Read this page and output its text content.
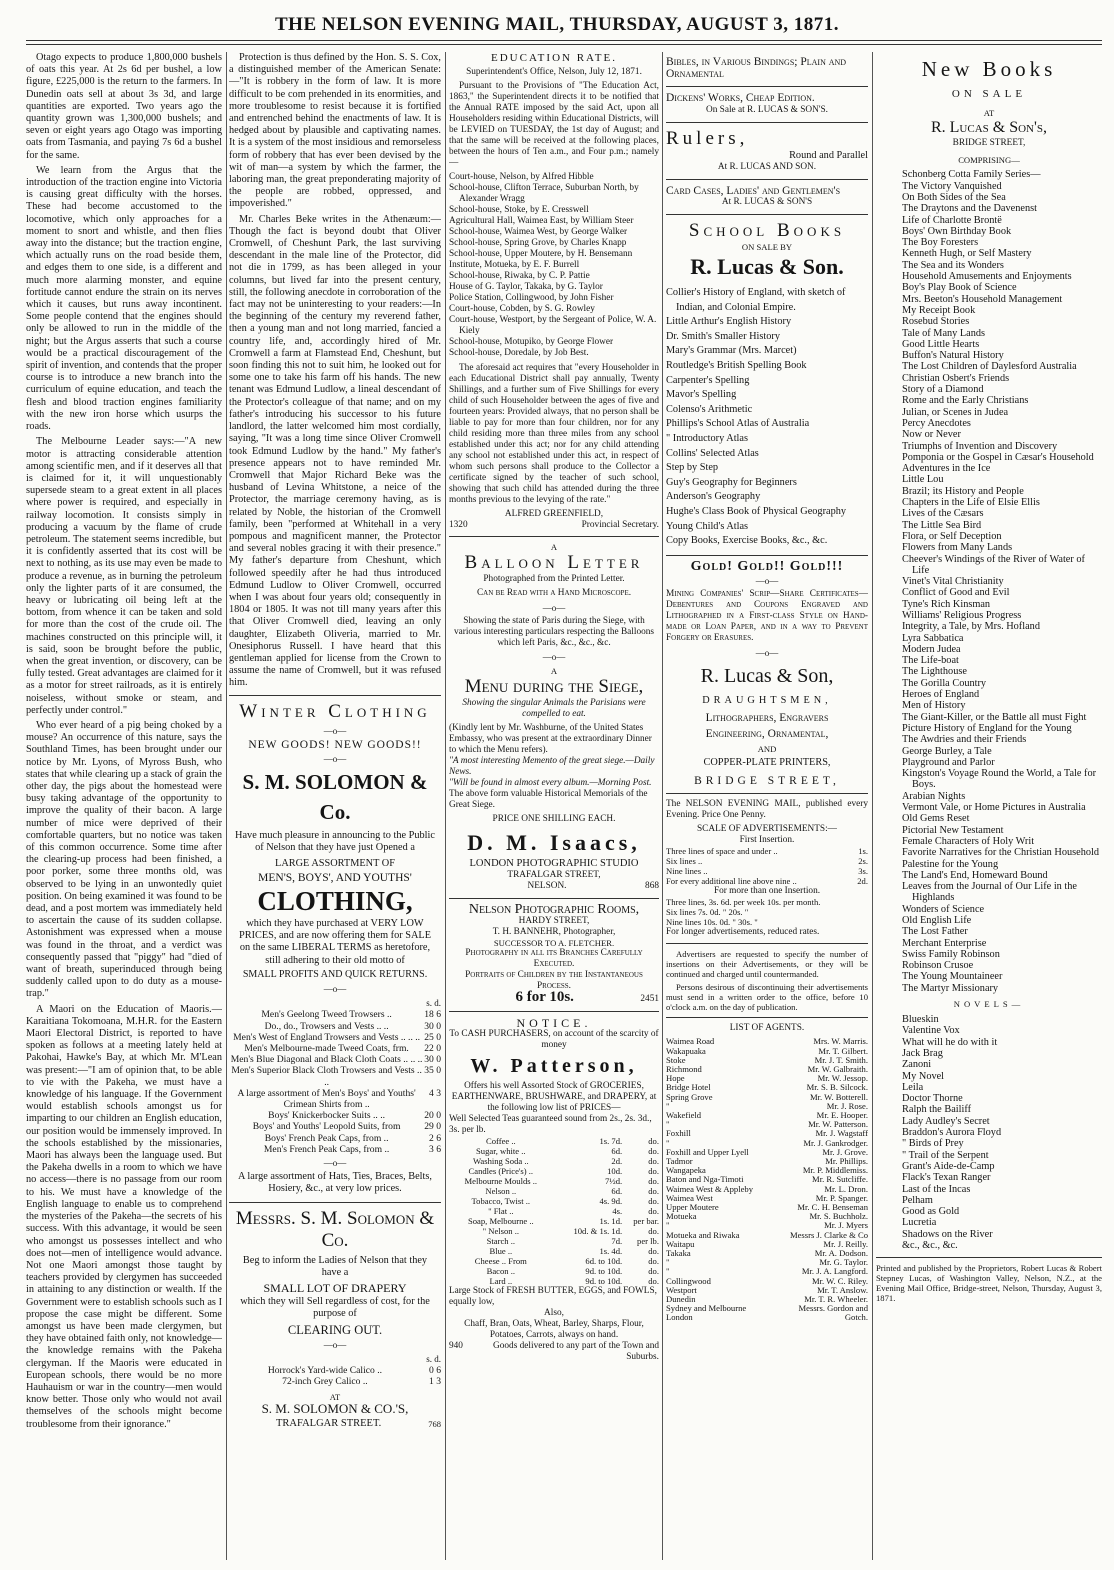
THE NELSON EVENING MAIL, THURSDAY, AUGUST 3, 1871.

Otago expects to produce 1,800,000 bushels of oats this year. At 2s 6d per bushel, a low figure, £225,000 is the return to the farmers. In Dunedin oats sell at about 3s 3d, and large quantities are exported. Two years ago the quantity grown was 1,300,000 bushels; and seven or eight years ago Otago was importing oats from Tasmania, and paying 7s 6d a bushel for the same.

We learn from the Argus that the introduction of the traction engine into Victoria is causing great difficulty with the horses. These had become accustomed to the locomotive, which only approaches for a moment to snort and whistle, and then flies away into the distance; but the traction engine, which actually runs on the road beside them, and edges them to one side, is a different and much more alarming monster, and equine fortitude cannot endure the strain on its nerves which it causes, but runs away incontinent. Some people contend that the engines should only be allowed to run in the middle of the night; but the Argus asserts that such a course would be a practical discouragement of the spirit of invention, and contends that the proper course is to introduce a new branch into the curriculum of equine education, and teach the flesh and blood traction engines familiarity with the new iron horse which usurps the roads.

The Melbourne Leader says:—"A new motor is attracting considerable attention among scientific men, and if it deserves all that is claimed for it, it will unquestionably supersede steam to a great extent in all places where power is required, and especially in railway locomotion. It consists simply in producing a vacuum by the flame of crude petroleum. The statement seems incredible, but it is confidently asserted that its cost will be next to nothing, as its use may even be made to produce a revenue, as in burning the petroleum only the lighter parts of it are consumed, the heavy or lubricating oil being left at the bottom, from whence it can be taken and sold for more than the cost of the crude oil. The machines constructed on this principle will, it is said, soon be brought before the public, when the great invention, or discovery, can be fully tested. Great advantages are claimed for it as a motor for street railroads, as it is entirely noiseless, without smoke or steam, and perfectly under control."

Who ever heard of a pig being choked by a mouse? An occurrence of this nature, says the Southland Times, has been brought under our notice by Mr. Lyons, of Myross Bush, who states that while clearing up a stack of grain the other day, the pigs about the homestead were busy taking advantage of the opportunity to improve the quality of their bacon. A large number of mice were deprived of their comfortable quarters, but no notice was taken of this common occurrence. Some time after the clearing-up process had been finished, a poor porker, some three months old, was observed to be lying in an unwontedly quiet position. On being examined it was found to be dead, and a post mortem was immediately held to ascertain the cause of its sudden collapse. Astonishment was expressed when a mouse was found in the throat, and a verdict was consequently passed that "piggy" had "died of want of breath, superinduced through being suddenly called upon to do duty as a mouse-trap."

A Maori on the Education of Maoris.—Karaitiana Tokomoana, M.H.R. for the Eastern Maori Electoral District, is reported to have spoken as follows at a meeting lately held at Pakohai, Hawke's Bay, at which Mr. M'Lean was present:—"I am of opinion that, to be able to vie with the Pakeha, we must have a knowledge of his language. If the Government would establish schools amongst us for imparting to our children an English education, our position would be immensely improved. In the schools established by the missionaries, Maori has always been the language used. But the Pakeha dwells in a room to which we have no access—there is no passage from our room to his. We must have a knowledge of the English language to enable us to comprehend the mysteries of the Pakeha—the secrets of his success. With this advantage, it would be seen who amongst us possesses intellect and who does not—men of intelligence would advance. Not one Maori amongst those taught by teachers provided by clergymen has succeeded in attaining to any distinction or wealth. If the Government were to establish schools such as I propose the case might be different. Some amongst us have been made clergymen, but they have obtained faith only, not knowledge—the knowledge remains with the Pakeha clergyman. If the Maoris were educated in European schools, there would be no more Hauhauism or war in the country—men would know better. Those only who would not avail themselves of the schools might become troublesome from their ignorance."

Protection is thus defined by the Hon. S. S. Cox, a distinguished member of the American Senate:—"It is robbery in the form of law. It is more difficult to be com prehended in its enormities, and more troublesome to resist because it is fortified and entrenched behind the enactments of law. It is hedged about by plausible and captivating names. It is a system of the most insidious and remorseless form of robbery that has ever been devised by the wit of man—a system by which the farmer, the laboring man, the great preponderating majority of the people are robbed, oppressed, and impoverished."

Mr. Charles Beke writes in the Athenæum:—Though the fact is beyond doubt that Oliver Cromwell, of Cheshunt Park, the last surviving descendant in the male line of the Protector, did not die in 1799, as has been alleged in your columns, but lived far into the present century, still, the following anecdote in corroboration of the fact may not be uninteresting to your readers:—In the beginning of the century my reverend father, then a young man and not long married, fancied a country life, and, accordingly hired of Mr. Cromwell a farm at Flamstead End, Cheshunt, but soon finding this not to suit him, he looked out for some one to take his farm off his hands. The new tenant was Edmund Ludlow, a lineal descendant of the Protector's colleague of that name; and on my father's introducing his successor to his future landlord, the latter welcomed him most cordially, saying, "It was a long time since Oliver Cromwell took Edmund Ludlow by the hand." My father's presence appears not to have reminded Mr. Cromwell that Major Richard Beke was the husband of Levina Whitstone, a neice of the Protector, the marriage ceremony having, as is related by Noble, the historian of the Cromwell family, been "performed at Whitehall in a very pompous and magnificent manner, the Protector and several nobles gracing it with their presence." My father's departure from Cheshunt, which followed speedily after he had thus introduced Edmund Ludlow to Oliver Cromwell, occurred when I was about four years old; consequently in 1804 or 1805. It was not till many years after this that Oliver Cromwell died, leaving an only daughter, Elizabeth Oliveria, married to Mr. Onesiphorus Russell. I have heard that this gentleman applied for license from the Crown to assume the name of Cromwell, but it was refused him.

Winter Clothing
—o—
NEW GOODS! NEW GOODS!!
—o—
S. M. SOLOMON & Co.
Have much pleasure in announcing to the Public of Nelson that they have just Opened a
LARGE ASSORTMENT OF
MEN'S, BOYS', AND YOUTHS'
CLOTHING,
which they have purchased at VERY LOW PRICES, and are now offering them for SALE on the same LIBERAL TERMS as heretofore, still adhering to their old motto of
SMALL PROFITS AND QUICK RETURNS.
—o—
s. d.
Men's Geelong Tweed Trowsers ..	18 6
Do., do., Trowsers and Vests .. ..	30 0
Men's West of England Trowsers and Vests .. .. ..	25 0
Men's Melbourne-made Tweed Coats, frm.	22 0
Men's Blue Diagonal and Black Cloth Coats .. .. ..	30 0
Men's Superior Black Cloth Trowsers and Vests .. ..	35 0
A large assortment of Men's Boys' and Youths' Crimean Shirts from ..	4 3
Boys' Knickerbocker Suits .. ..	20 0
Boys' and Youths' Leopold Suits, from	29 0
Boys' French Peak Caps, from ..	2 6
Men's French Peak Caps, from ..	3 6
—o—
A large assortment of Hats, Ties, Braces, Belts, Hosiery, &c., at very low prices.
Messrs. S. M. Solomon & Co.
Beg to inform the Ladies of Nelson that they have a
SMALL LOT OF DRAPERY
which they will Sell regardless of cost, for the purpose of
CLEARING OUT.
—o—
s. d.
Horrock's Yard-wide Calico ..	0 6
72-inch Grey Calico ..	1 3
AT
S. M. SOLOMON & CO.'S,
TRAFALGAR STREET.	768
EDUCATION RATE.
Superintendent's Office, Nelson, July 12, 1871.

Pursuant to the Provisions of "The Education Act, 1863," the Superintendent directs it to be notified that the Annual RATE imposed by the said Act, upon all Householders residing within Educational Districts, will be LEVIED on TUESDAY, the 1st day of August; and that the same will be received at the following places, between the hours of Ten a.m., and Four p.m.; namely—

Court-house, Nelson, by Alfred Hibble
School-house, Clifton Terrace, Suburban North, by Alexander Wragg
School-house, Stoke, by E. Cresswell
Agricultural Hall, Waimea East, by William Steer
School-house, Waimea West, by George Walker
School-house, Spring Grove, by Charles Knapp
School-house, Upper Moutere, by H. Bensemann
Institute, Motueka, by E. F. Burrell
School-house, Riwaka, by C. P. Pattie
House of G. Taylor, Takaka, by G. Taylor
Police Station, Collingwood, by John Fisher
Court-house, Cobden, by S. G. Rowley
Court-house, Westport, by the Sergeant of Police, W. A. Kiely
School-house, Motupiko, by George Flower
School-house, Doredale, by Job Best.

The aforesaid act requires that "every Householder in each Educational District shall pay annually, Twenty Shillings, and a further sum of Five Shillings for every child of such Householder between the ages of five and fourteen years: Provided always, that no person shall be liable to pay for more than four children, nor for any child residing more than three miles from any school established under this act; nor for any child attending any school not established under this act, in respect of whom such persons shall produce to the Collector a certificate signed by the teacher of such school, showing that such child has attended during the three months previous to the levying of the rate."

ALFRED GREENFIELD,
1320	Provincial Secretary.
A
Balloon Letter
Photographed from the Printed Letter.
Can be Read with a Hand Microscope.
—o—
Showing the state of Paris during the Siege, with various interesting particulars respecting the Balloons which left Paris, &c., &c., &c.
—o—
A
Menu during the Siege,
Showing the singular Animals the Parisians were compelled to eat.
(Kindly lent by Mr. Washburne, of the United States Embassy, who was present at the extraordinary Dinner to which the Menu refers).
"A most interesting Memento of the great siege.—Daily News.
"Will be found in almost every album.—Morning Post.
The above form valuable Historical Memorials of the Great Siege.
PRICE ONE SHILLING EACH.
D. M. Isaacs,
LONDON PHOTOGRAPHIC STUDIO
TRAFALGAR STREET,
NELSON.	868
Nelson Photographic Rooms,
HARDY STREET,
T. H. BANNEHR, Photographer,
SUCCESSOR TO A. FLETCHER.
Photography in all its Branches Carefully Executed.
Portraits of Children by the Instantaneous Process.
6 for 10s.	2451
NOTICE.
To CASH PURCHASERS, on account of the scarcity of money
W. Patterson,
Offers his well Assorted Stock of GROCERIES, EARTHENWARE, BRUSHWARE, and DRAPERY, at the following low list of PRICES—
Well Selected Teas guaranteed sound from 2s., 2s. 3d., 3s. per lb.
Coffee ..	1s. 7d.	do.
Sugar, white ..	6d.	do.
Washing Soda ..	2d.	do.
Candles (Price's) ..	10d.	do.
Melbourne Moulds ..	7½d.	do.
Nelson ..	6d.	do.
Tobacco, Twist ..	4s. 9d.	do.
" Flat ..	4s.	do.
Soap, Melbourne ..	1s. 1d.	per bar.
" Nelson ..	10d. & 1s. 1d.	do.
Starch ..	7d.	per lb.
Blue ..	1s. 4d.	do.
Cheese .. From	6d. to 10d.	do.
Bacon ..	9d. to 10d.	do.
Lard ..	9d. to 10d.	do.
Large Stock of FRESH BUTTER, EGGS, and FOWLS, equally low,
Also,
Chaff, Bran, Oats, Wheat, Barley, Sharps, Flour, Potatoes, Carrots, always on hand.
940	Goods delivered to any part of the Town and Suburbs.
Bibles, in Various Bindings; Plain and Ornamental
Dickens' Works, Cheap Edition.
On Sale at R. LUCAS & SON'S.
Rulers,
Round and Parallel
At R. LUCAS AND SON.
Card Cases, Ladies' and Gentlemen's
At R. LUCAS & SON'S
School Books
ON SALE BY
R. Lucas & Son.
Collier's History of England, with sketch of Indian, and Colonial Empire.
Little Arthur's English History
Dr. Smith's Smaller History
Mary's Grammar (Mrs. Marcet)
Routledge's British Spelling Book
Carpenter's Spelling
Mavor's Spelling
Colenso's Arithmetic
Phillips's School Atlas of Australia
" Introductory Atlas
Collins' Selected Atlas
Step by Step
Guy's Geography for Beginners
Anderson's Geography
Hughe's Class Book of Physical Geography
Young Child's Atlas
Copy Books, Exercise Books, &c., &c.
Gold! Gold!! Gold!!!
—o—

Mining Companies' Scrip—Share Certificates—Debentures and Coupons Engraved and Lithographed in a First-class Style on Hand-made or Loan Paper, and in a way to Prevent Forgery or Erasures.

—o—
R. Lucas & Son,
DRAUGHTSMEN,
Lithographers, Engravers
Engineering, Ornamental,
AND
COPPER-PLATE PRINTERS,
BRIDGE STREET,

The NELSON EVENING MAIL, published every Evening. Price One Penny.

SCALE OF ADVERTISEMENTS:—
First Insertion.
Three lines of space and under ..	1s.
Six lines ..	2s.
Nine lines ..	3s.
For every additional line above nine ..	2d.
For more than one Insertion.
Three lines, 3s. 6d. per week 10s. per month.
Six lines 7s. 0d. " 20s. "
Nine lines 10s. 0d. " 30s. "
For longer advertisements, reduced rates.

Advertisers are requested to specify the number of insertions on their Advertisements, or they will be continued and charged until countermanded.

Persons desirous of discontinuing their advertisements must send in a written order to the office, before 10 o'clock a.m. on the day of publication.

LIST OF AGENTS.
Waimea Road	Mrs. W. Marris.
Wakapuaka	Mr. T. Gilbert.
Stoke	Mr. J. T. Smith.
Richmond	Mr. W. Galbraith.
Hope	Mr. W. Jessop.
Bridge Hotel	Mr. S. B. Silcock.
Spring Grove	Mr. W. Botterell.
"	Mr. J. Rose.
Wakefield	Mr. E. Hooper.
"	Mr. W. Patterson.
Foxhill	Mr. J. Wagstaff
"	Mr. J. Gankrodger.
Foxhill and Upper Lyell	Mr. J. Grove.
Tadmor	Mr. Phillips.
Wangapeka	Mr. P. Middlemiss.
Baton and Nga-Timoti	Mr. R. Sutcliffe.
Waimea West & Appleby	Mr. L. Dron.
Waimea West	Mr. P. Spanger.
Upper Moutere	Mr. C. H. Benseman
Motueka	Mr. S. Buchholz.
"	Mr. J. Myers
Motueka and Riwaka	Messrs J. Clarke & Co
Waitapu	Mr. J. Reilly.
Takaka	Mr. A. Dodson.
"	Mr. G. Taylor.
"	Mr. J. A. Langford.
Collingwood	Mr. W. C. Riley.
Westport	Mr. T. Anslow.
Dunedin	Mr. T. R. Wheeler.
Sydney and Melbourne	Messrs. Gordon and
London	Gotch.
New Books
ON SALE
AT
R. Lucas & Son's,
BRIDGE STREET,
COMPRISING—
Schonberg Cotta Family Series—
The Victory Vanquished
On Both Sides of the Sea
The Draytons and the Davenenst
Life of Charlotte Brontë
Boys' Own Birthday Book
The Boy Foresters
Kenneth Hugh, or Self Mastery
The Sea and its Wonders
Household Amusements and Enjoyments
Boy's Play Book of Science
Mrs. Beeton's Household Management
My Receipt Book
Rosebud Stories
Tale of Many Lands
Good Little Hearts
Buffon's Natural History
The Lost Children of Daylesford Australia
Christian Osbert's Friends
Story of a Diamond
Rome and the Early Christians
Julian, or Scenes in Judea
Percy Anecdotes
Now or Never
Triumphs of Invention and Discovery
Pomponia or the Gospel in Cæsar's Household
Adventures in the Ice
Little Lou
Brazil; its History and People
Chapters in the Life of Elsie Ellis
Lives of the Cæsars
The Little Sea Bird
Flora, or Self Deception
Flowers from Many Lands
Cheever's Windings of the River of Water of Life
Vinet's Vital Christianity
Conflict of Good and Evil
Tyne's Rich Kinsman
Williams' Religious Progress
Integrity, a Tale, by Mrs. Hofland
Lyra Sabbatica
Modern Judea
The Life-boat
The Lighthouse
The Gorilla Country
Heroes of England
Men of History
The Giant-Killer, or the Battle all must Fight
Picture History of England for the Young
The Awdries and their Friends
George Burley, a Tale
Playground and Parlor
Kingston's Voyage Round the World, a Tale for Boys.
Arabian Nights
Vermont Vale, or Home Pictures in Australia
Old Gems Reset
Pictorial New Testament
Female Characters of Holy Writ
Favorite Narratives for the Christian Household
Palestine for the Young
The Land's End, Homeward Bound
Leaves from the Journal of Our Life in the Highlands
Wonders of Science
Old English Life
The Lost Father
Merchant Enterprise
Swiss Family Robinson
Robinson Crusoe
The Young Mountaineer
The Martyr Missionary
NOVELS—
Blueskin
Valentine Vox
What will he do with it
Jack Brag
Zanoni
My Novel
Leila
Doctor Thorne
Ralph the Bailiff
Lady Audley's Secret
Braddon's Aurora Floyd
" Birds of Prey
" Trail of the Serpent
Grant's Aide-de-Camp
Flack's Texan Ranger
Last of the Incas
Pelham
Good as Gold
Lucretia
Shadows on the River
&c., &c., &c.

Printed and published by the Proprietors, Robert Lucas & Robert Stepney Lucas, of Washington Valley, Nelson, N.Z., at the Evening Mail Office, Bridge-street, Nelson, Thursday, August 3, 1871.
